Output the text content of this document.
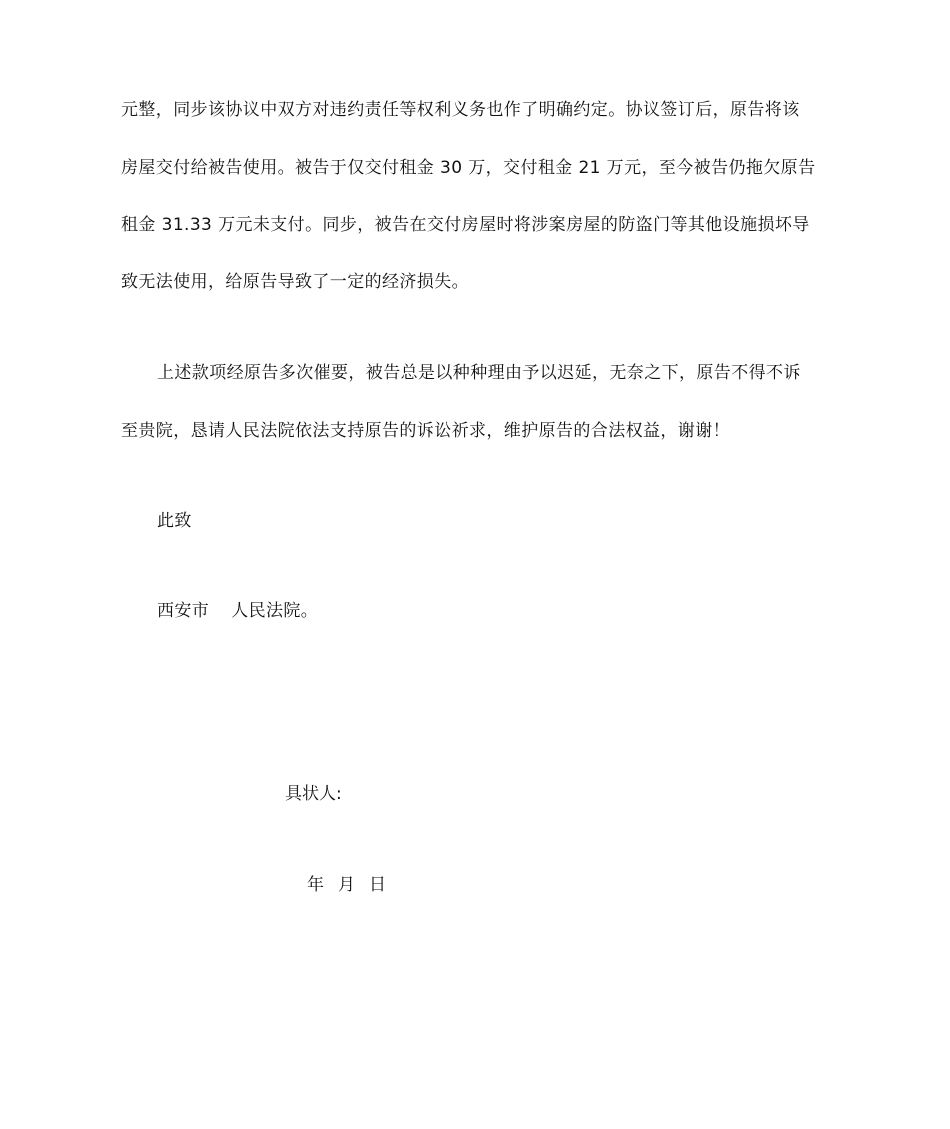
元整，同步该协议中双方对违约责任等权利义务也作了明确约定。协议签订后，原告将该
房屋交付给被告使用。被告于仅交付租金 30 万，交付租金 21 万元，至今被告仍拖欠原告
租金 31.33 万元未支付。同步，被告在交付房屋时将涉案房屋的防盗门等其他设施损坏导
致无法使用，给原告导致了一定的经济损失。
上述款项经原告多次催要，被告总是以种种理由予以迟延，无奈之下，原告不得不诉
至贵院，恳请人民法院依法支持原告的诉讼祈求，维护原告的合法权益，谢谢！
此致
西安市 人民法院。
具状人:
年 月 日
